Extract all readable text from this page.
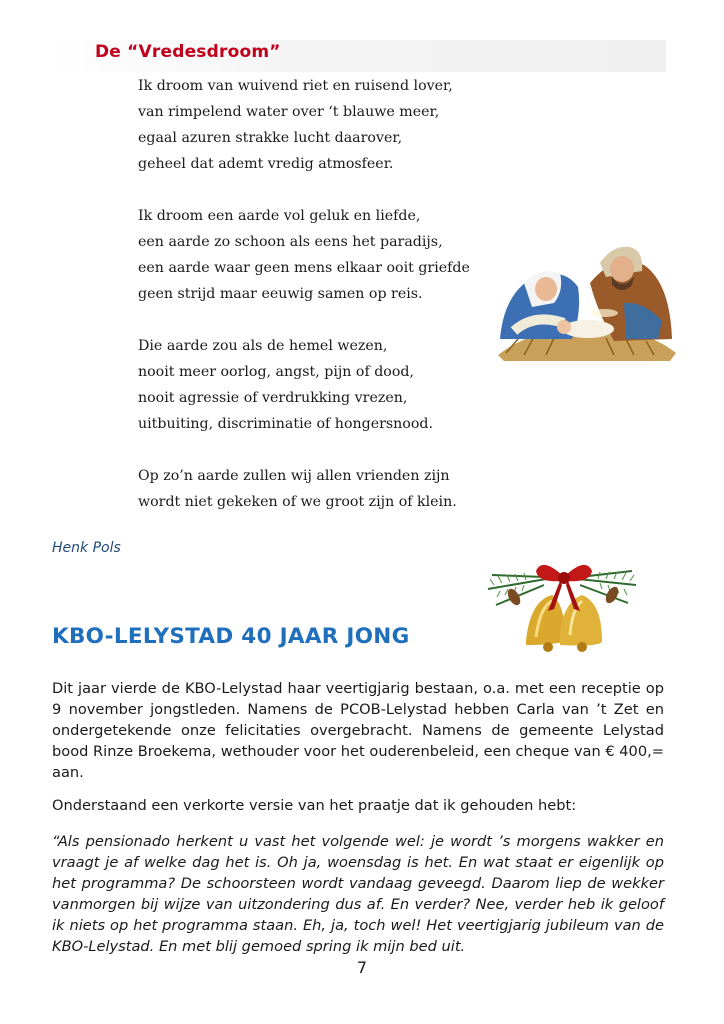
De “Vredesdroom”
Ik droom van wuivend riet en ruisend lover,
van rimpelend water over ‘t blauwe meer,
egaal azuren strakke lucht daarover,
geheel dat ademt vredig atmosfeer.
Ik droom een aarde vol geluk en liefde,
een aarde zo schoon als eens het paradijs,
een aarde waar geen mens elkaar ooit griefde
geen strijd maar eeuwig samen op reis.
Die aarde zou als de hemel wezen,
nooit meer oorlog, angst, pijn of dood,
nooit agressie of verdrukking vrezen,
uitbuiting, discriminatie of hongersnood.
Op zo’n aarde zullen wij allen vrienden zijn
wordt niet gekeken of we groot zijn of klein.
Henk Pols
KBO-LELYSTAD 40 JAAR JONG
Dit jaar vierde de KBO-Lelystad haar veertigjarig bestaan, o.a. met een receptie op 9 november jongstleden. Namens de PCOB-Lelystad hebben Carla van ’t Zet en ondergetekende onze felicitaties overgebracht. Namens de gemeente Lelystad bood Rinze Broekema, wethouder voor het ouderenbeleid, een cheque van € 400,= aan.
Onderstaand een verkorte versie van het praatje dat ik gehouden hebt:
“Als pensionado herkent u vast het volgende wel: je wordt ’s morgens wakker en vraagt je af welke dag het is. Oh ja, woensdag is het. En wat staat er eigenlijk op het programma? De schoorsteen wordt vandaag geveegd. Daarom liep de wekker vanmorgen bij wijze van uitzondering dus af. En verder? Nee, verder heb ik geloof ik niets op het programma staan. Eh, ja, toch wel! Het veertigjarig jubileum van de KBO-Lelystad. En met blij gemoed spring ik mijn bed uit.
7
